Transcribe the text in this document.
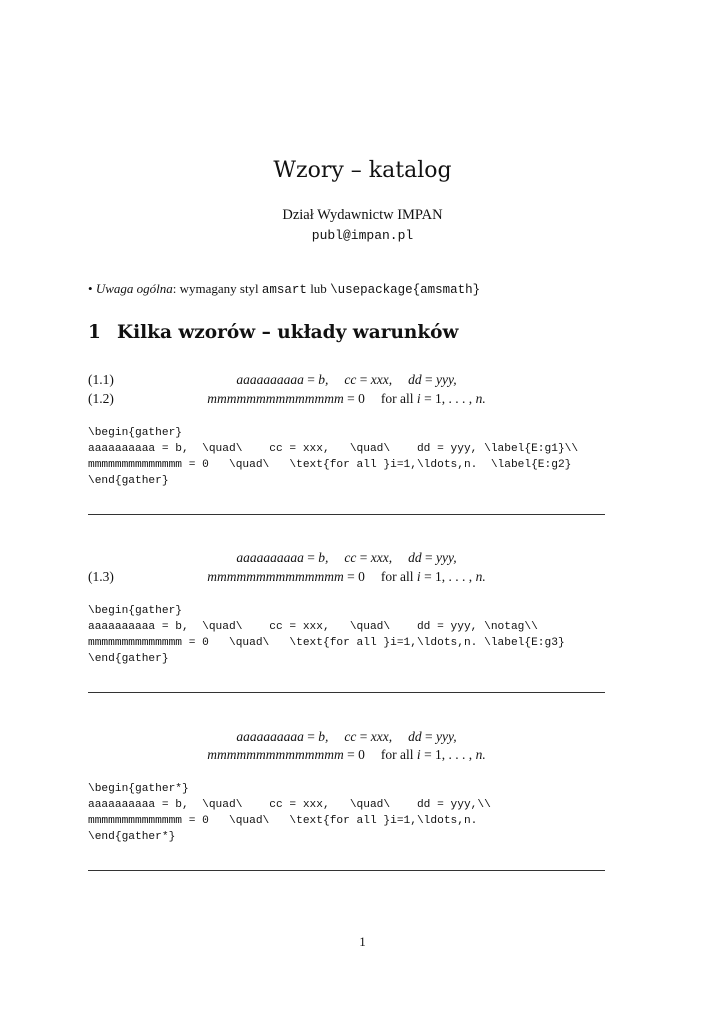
Wzory – katalog
Dział Wydawnictw IMPAN
publ@impan.pl
• Uwaga ogólna: wymagany styl amsart lub \usepackage{amsmath}
1 Kilka wzorów – układy warunków
(1.1)	aaaaaaaaaa = b, cc = xxx, dd = yyy,
(1.2)	mmmmmmmmmmmmmm = 0 for all i = 1, . . . , n.
\begin{gather}
aaaaaaaaaa = b,  \quad\    cc = xxx,   \quad\    dd = yyy, \label{E:g1}\\
mmmmmmmmmmmmmm = 0   \quad\   \text{for all }i=1,\ldots,n.  \label{E:g2}
\end{gather}
aaaaaaaaaa = b, cc = xxx, dd = yyy,
(1.3)	mmmmmmmmmmmmmm = 0 for all i = 1, . . . , n.
\begin{gather}
aaaaaaaaaa = b,  \quad\    cc = xxx,   \quad\    dd = yyy, \notag\\
mmmmmmmmmmmmmm = 0   \quad\   \text{for all }i=1,\ldots,n. \label{E:g3}
\end{gather}
aaaaaaaaaa = b, cc = xxx, dd = yyy,
mmmmmmmmmmmmmm = 0 for all i = 1, . . . , n.
\begin{gather*}
aaaaaaaaaa = b,  \quad\    cc = xxx,   \quad\    dd = yyy,\\
mmmmmmmmmmmmmm = 0   \quad\   \text{for all }i=1,\ldots,n.
\end{gather*}
1
